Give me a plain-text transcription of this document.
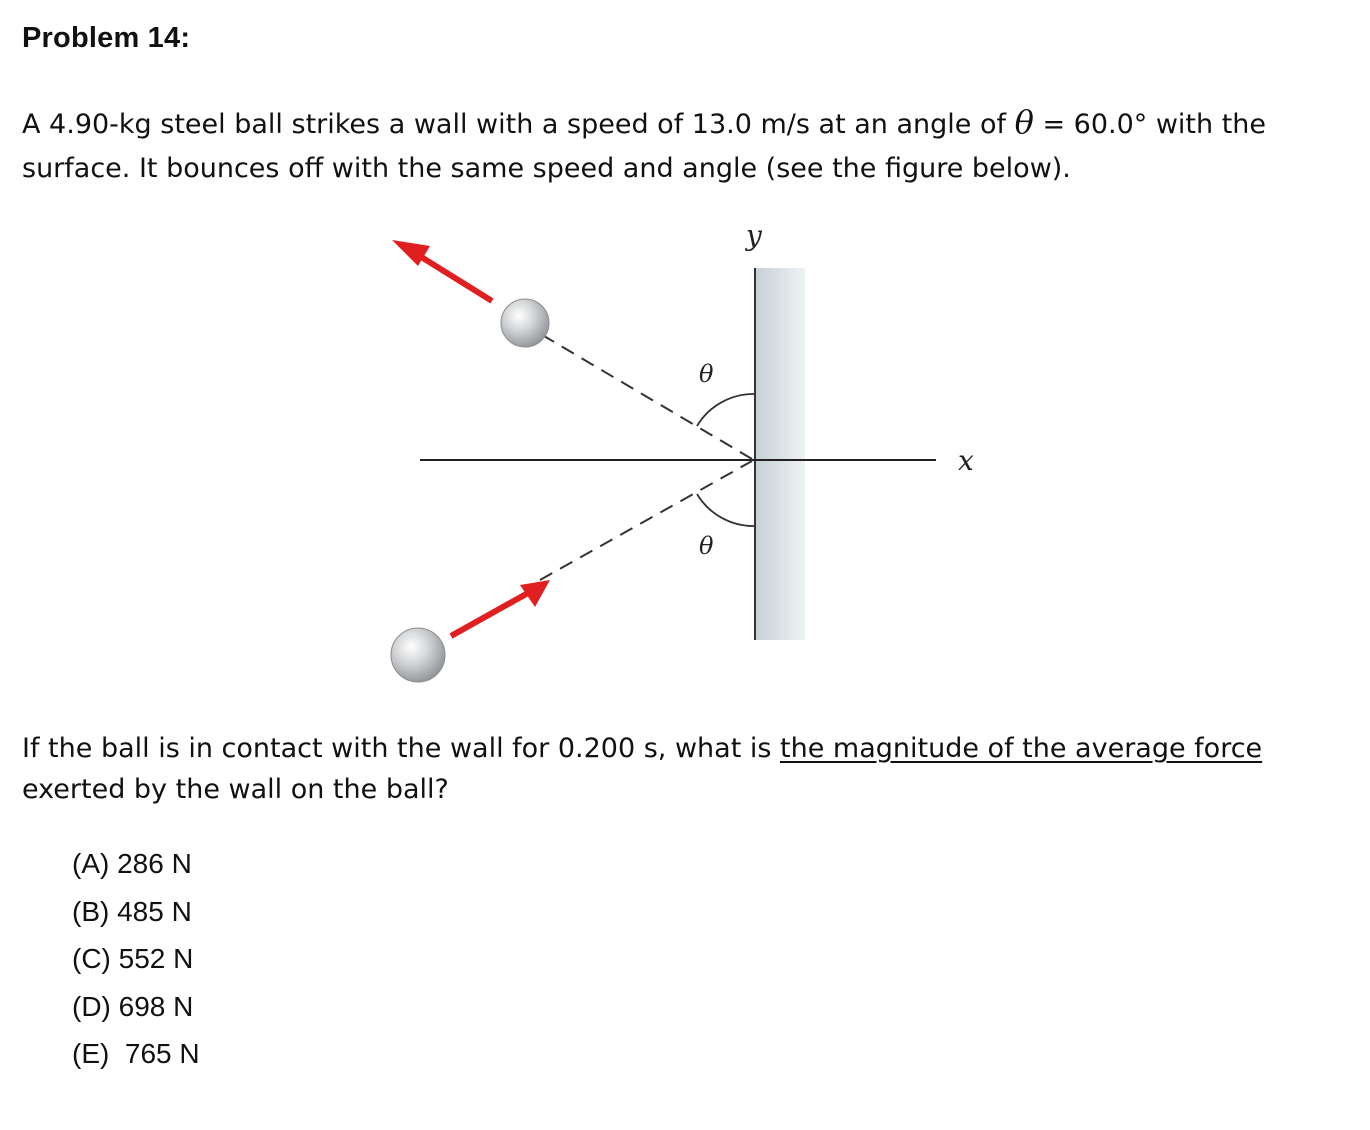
Problem 14:

A 4.90-kg steel ball strikes a wall with a speed of 13.0 m/s at an angle of θ = 60.0° with the surface. It bounces off with the same speed and angle (see the figure below).

y
x
θ
θ

If the ball is in contact with the wall for 0.200 s, what is the magnitude of the average force exerted by the wall on the ball?

(A) 286 N
(B) 485 N
(C) 552 N
(D) 698 N
(E)  765 N
